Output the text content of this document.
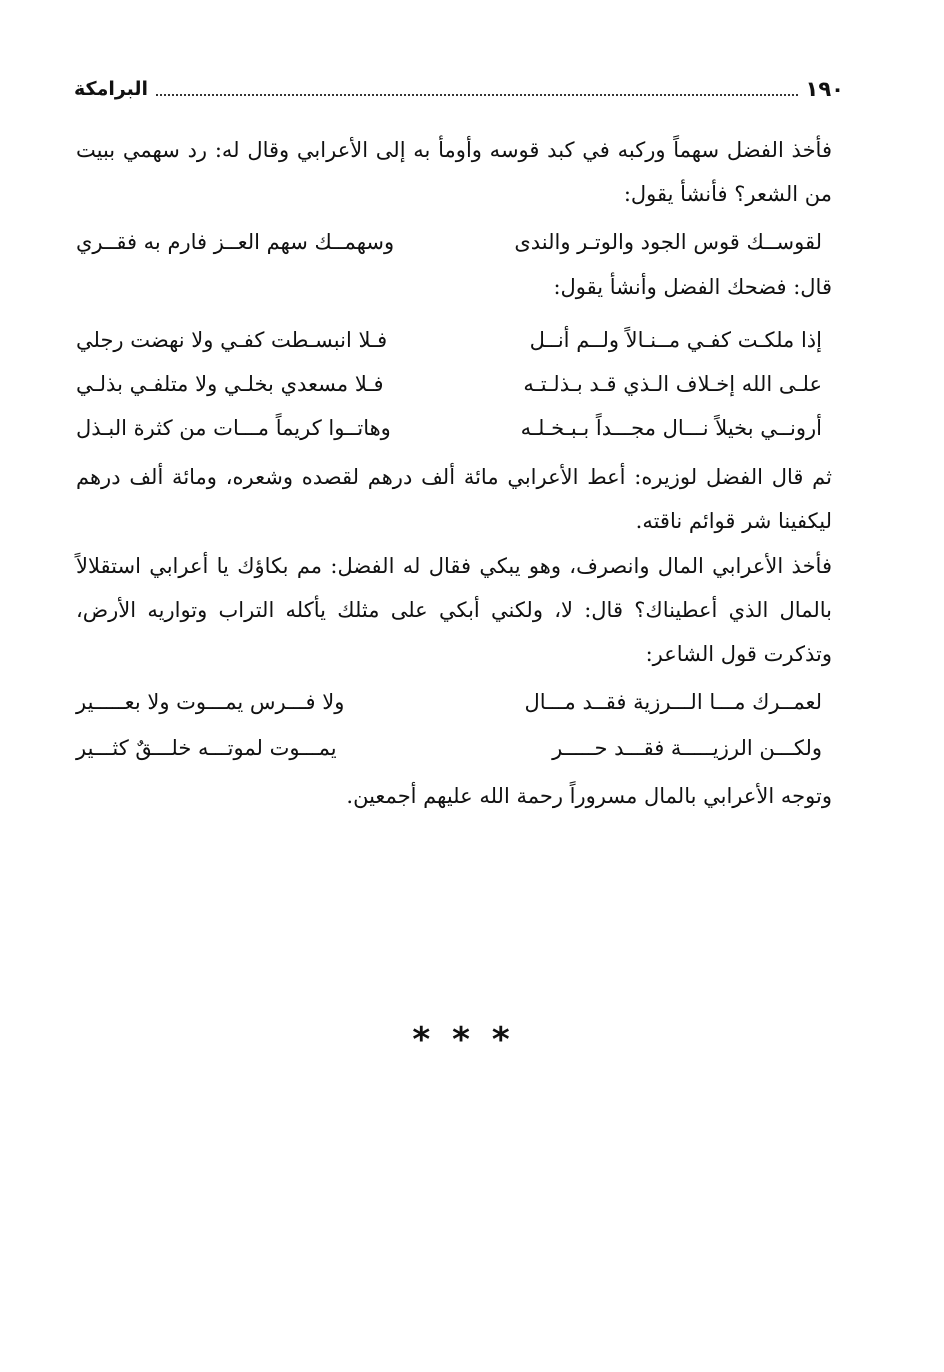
البرامكة	١٩٠
فأخذ الفضل سهماً وركبه في كبد قوسه وأومأ به إلى الأعرابي وقال له: رد سهمي ببيت من الشعر؟ فأنشأ يقول:
لقوســك قوس الجود والوتـر والندى
وسهمــك سهم العــز فارم به فقــري
قال: فضحك الفضل وأنشأ يقول:
إذا ملكـت كفـي مــنـالاً ولــم أنــل
فـلا انبسـطت كفـي ولا نهضت رجلي
علـى الله إخـلاف الـذي قـد بـذلـتـه
فـلا مسعدي بخلـي ولا متلفـي بذلـي
أرونــي بخيلاً نـــال مجـــداً بـبـخـلـه
وهاتــوا كريماً مـــات من كثرة البـذل
ثم قال الفضل لوزيره: أعط الأعرابي مائة ألف درهم لقصده وشعره، ومائة ألف درهم ليكفينا شر قوائم ناقته.
فأخذ الأعرابي المال وانصرف، وهو يبكي فقال له الفضل: مم بكاؤك يا أعرابي استقلالاً بالمال الذي أعطيناك؟ قال: لا، ولكني أبكي على مثلك يأكله التراب وتواريه الأرض، وتذكرت قول الشاعر:
لعمــرك مـــا الـــرزية فقــد مـــال
ولا فـــرس يمـــوت ولا بعـــــير
ولكـــن الرزيـــــة فقـــد حـــــر
يمـــوت لموتـــه خلـــقٌ كثـــير
وتوجه الأعرابي بالمال مسروراً رحمة الله عليهم أجمعين.
***
